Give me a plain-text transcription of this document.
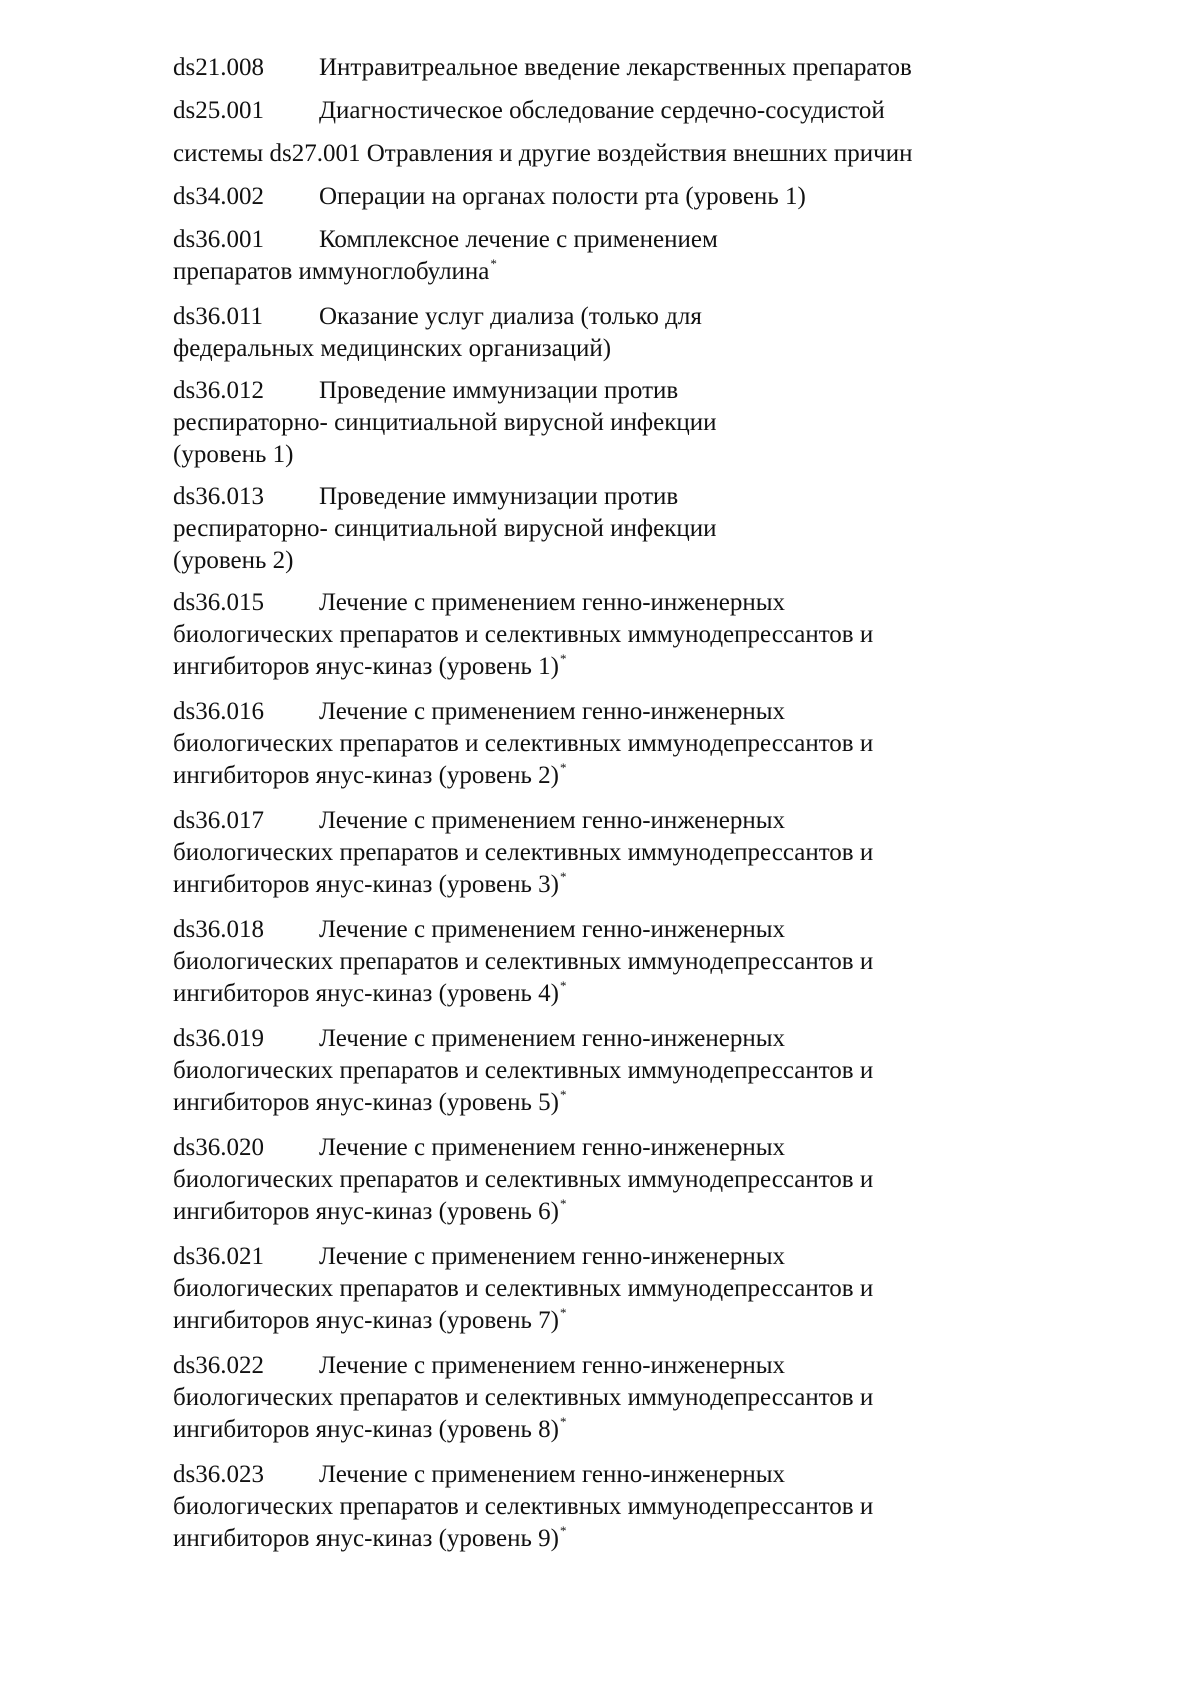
ds21.008 Интравитреальное введение лекарственных препаратов
ds25.001 Диагностическое обследование сердечно-сосудистой
системы ds27.001 Отравления и другие воздействия внешних причин
ds34.002 Операции на органах полости рта (уровень 1)
ds36.001 Комплексное лечение с применением
препаратов иммуноглобулина*
ds36.011 Оказание услуг диализа (только для
федеральных медицинских организаций)
ds36.012 Проведение иммунизации против
респираторно- синцитиальной вирусной инфекции
(уровень 1)
ds36.013 Проведение иммунизации против
респираторно- синцитиальной вирусной инфекции
(уровень 2)
ds36.015 Лечение с применением генно-инженерных
биологических препаратов и селективных иммунодепрессантов и
ингибиторов янус-киназ (уровень 1)*
ds36.016 Лечение с применением генно-инженерных
биологических препаратов и селективных иммунодепрессантов и
ингибиторов янус-киназ (уровень 2)*
ds36.017 Лечение с применением генно-инженерных
биологических препаратов и селективных иммунодепрессантов и
ингибиторов янус-киназ (уровень 3)*
ds36.018 Лечение с применением генно-инженерных
биологических препаратов и селективных иммунодепрессантов и
ингибиторов янус-киназ (уровень 4)*
ds36.019 Лечение с применением генно-инженерных
биологических препаратов и селективных иммунодепрессантов и
ингибиторов янус-киназ (уровень 5)*
ds36.020 Лечение с применением генно-инженерных
биологических препаратов и селективных иммунодепрессантов и
ингибиторов янус-киназ (уровень 6)*
ds36.021 Лечение с применением генно-инженерных
биологических препаратов и селективных иммунодепрессантов и
ингибиторов янус-киназ (уровень 7)*
ds36.022 Лечение с применением генно-инженерных
биологических препаратов и селективных иммунодепрессантов и
ингибиторов янус-киназ (уровень 8)*
ds36.023 Лечение с применением генно-инженерных
биологических препаратов и селективных иммунодепрессантов и
ингибиторов янус-киназ (уровень 9)*
